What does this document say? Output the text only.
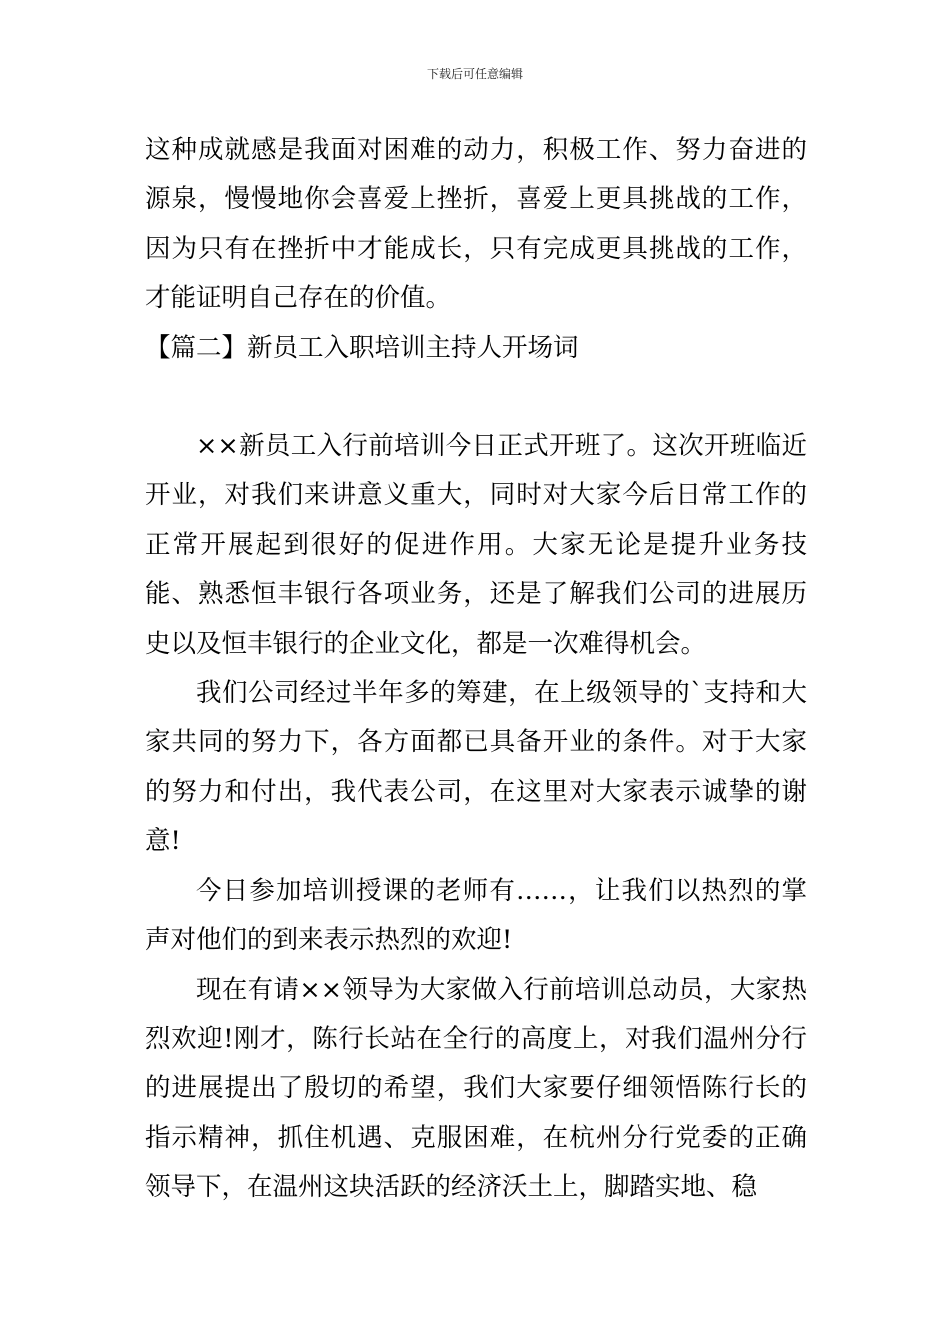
下载后可任意编辑

这种成就感是我面对困难的动力，积极工作、努力奋进的源泉，慢慢地你会喜爱上挫折，喜爱上更具挑战的工作，因为只有在挫折中才能成长，只有完成更具挑战的工作，才能证明自己存在的价值。

【篇二】新员工入职培训主持人开场词

××新员工入行前培训今日正式开班了。这次开班临近开业，对我们来讲意义重大，同时对大家今后日常工作的正常开展起到很好的促进作用。大家无论是提升业务技能、熟悉恒丰银行各项业务，还是了解我们公司的进展历史以及恒丰银行的企业文化，都是一次难得机会。

我们公司经过半年多的筹建，在上级领导的`支持和大家共同的努力下，各方面都已具备开业的条件。对于大家的努力和付出，我代表公司，在这里对大家表示诚挚的谢意!

今日参加培训授课的老师有……，让我们以热烈的掌声对他们的到来表示热烈的欢迎!

现在有请××领导为大家做入行前培训总动员，大家热烈欢迎!刚才，陈行长站在全行的高度上，对我们温州分行的进展提出了殷切的希望，我们大家要仔细领悟陈行长的指示精神，抓住机遇、克服困难，在杭州分行党委的正确领导下，在温州这块活跃的经济沃土上，脚踏实地、稳
